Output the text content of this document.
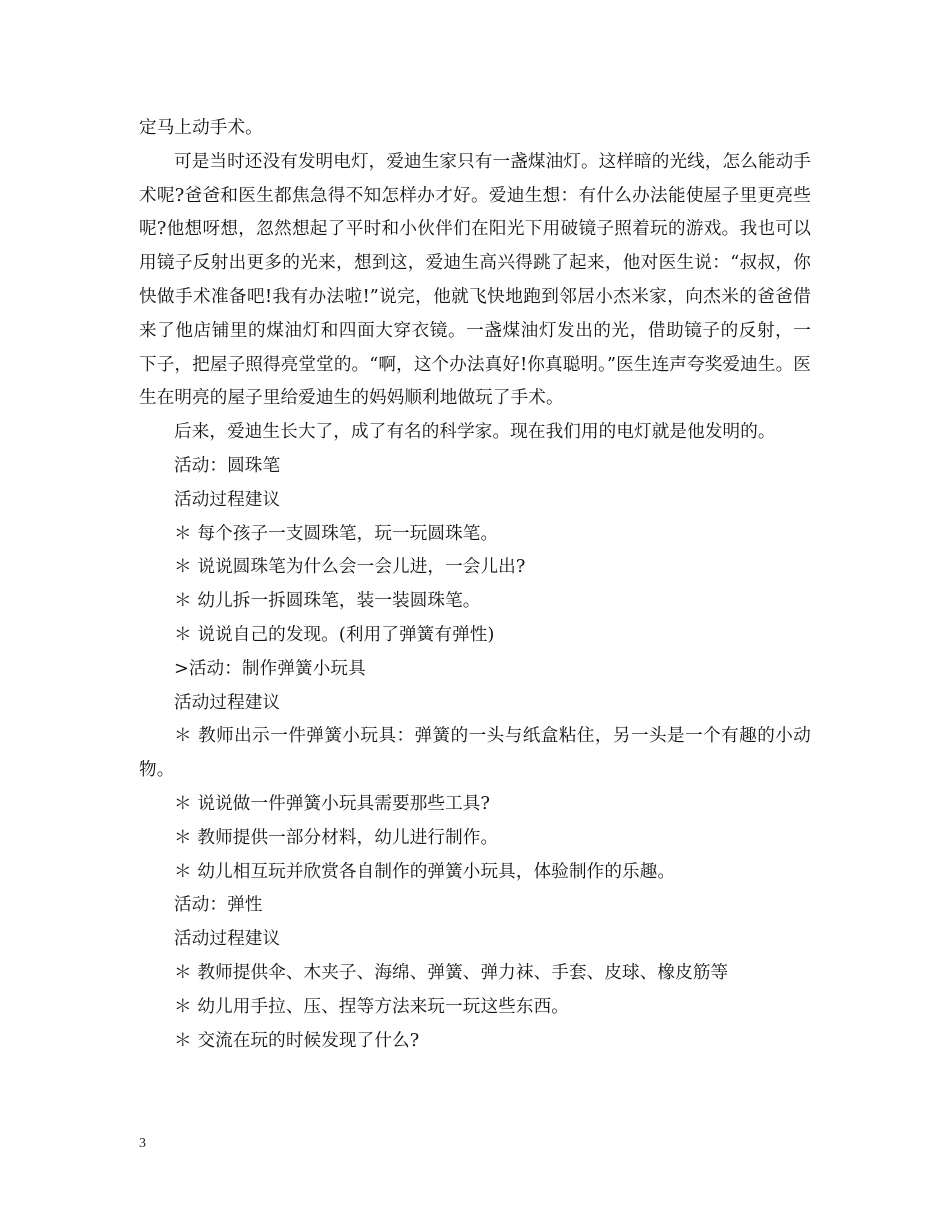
定马上动手术。

可是当时还没有发明电灯，爱迪生家只有一盏煤油灯。这样暗的光线，怎么能动手术呢?爸爸和医生都焦急得不知怎样办才好。爱迪生想：有什么办法能使屋子里更亮些呢?他想呀想，忽然想起了平时和小伙伴们在阳光下用破镜子照着玩的游戏。我也可以用镜子反射出更多的光来，想到这，爱迪生高兴得跳了起来，他对医生说：“叔叔，你快做手术准备吧!我有办法啦!”说完，他就飞快地跑到邻居小杰米家，向杰米的爸爸借来了他店铺里的煤油灯和四面大穿衣镜。一盏煤油灯发出的光，借助镜子的反射，一下子，把屋子照得亮堂堂的。“啊，这个办法真好!你真聪明。”医生连声夸奖爱迪生。医生在明亮的屋子里给爱迪生的妈妈顺利地做玩了手术。

后来，爱迪生长大了，成了有名的科学家。现在我们用的电灯就是他发明的。

活动：圆珠笔

活动过程建议

＊ 每个孩子一支圆珠笔，玩一玩圆珠笔。

＊ 说说圆珠笔为什么会一会儿进，一会儿出?

＊ 幼儿拆一拆圆珠笔，装一装圆珠笔。

＊ 说说自己的发现。(利用了弹簧有弹性)

>活动：制作弹簧小玩具

活动过程建议

＊ 教师出示一件弹簧小玩具：弹簧的一头与纸盒粘住，另一头是一个有趣的小动物。

＊ 说说做一件弹簧小玩具需要那些工具?

＊ 教师提供一部分材料，幼儿进行制作。

＊ 幼儿相互玩并欣赏各自制作的弹簧小玩具，体验制作的乐趣。

活动：弹性

活动过程建议

＊ 教师提供伞、木夹子、海绵、弹簧、弹力袜、手套、皮球、橡皮筋等

＊ 幼儿用手拉、压、捏等方法来玩一玩这些东西。

＊ 交流在玩的时候发现了什么?

3
